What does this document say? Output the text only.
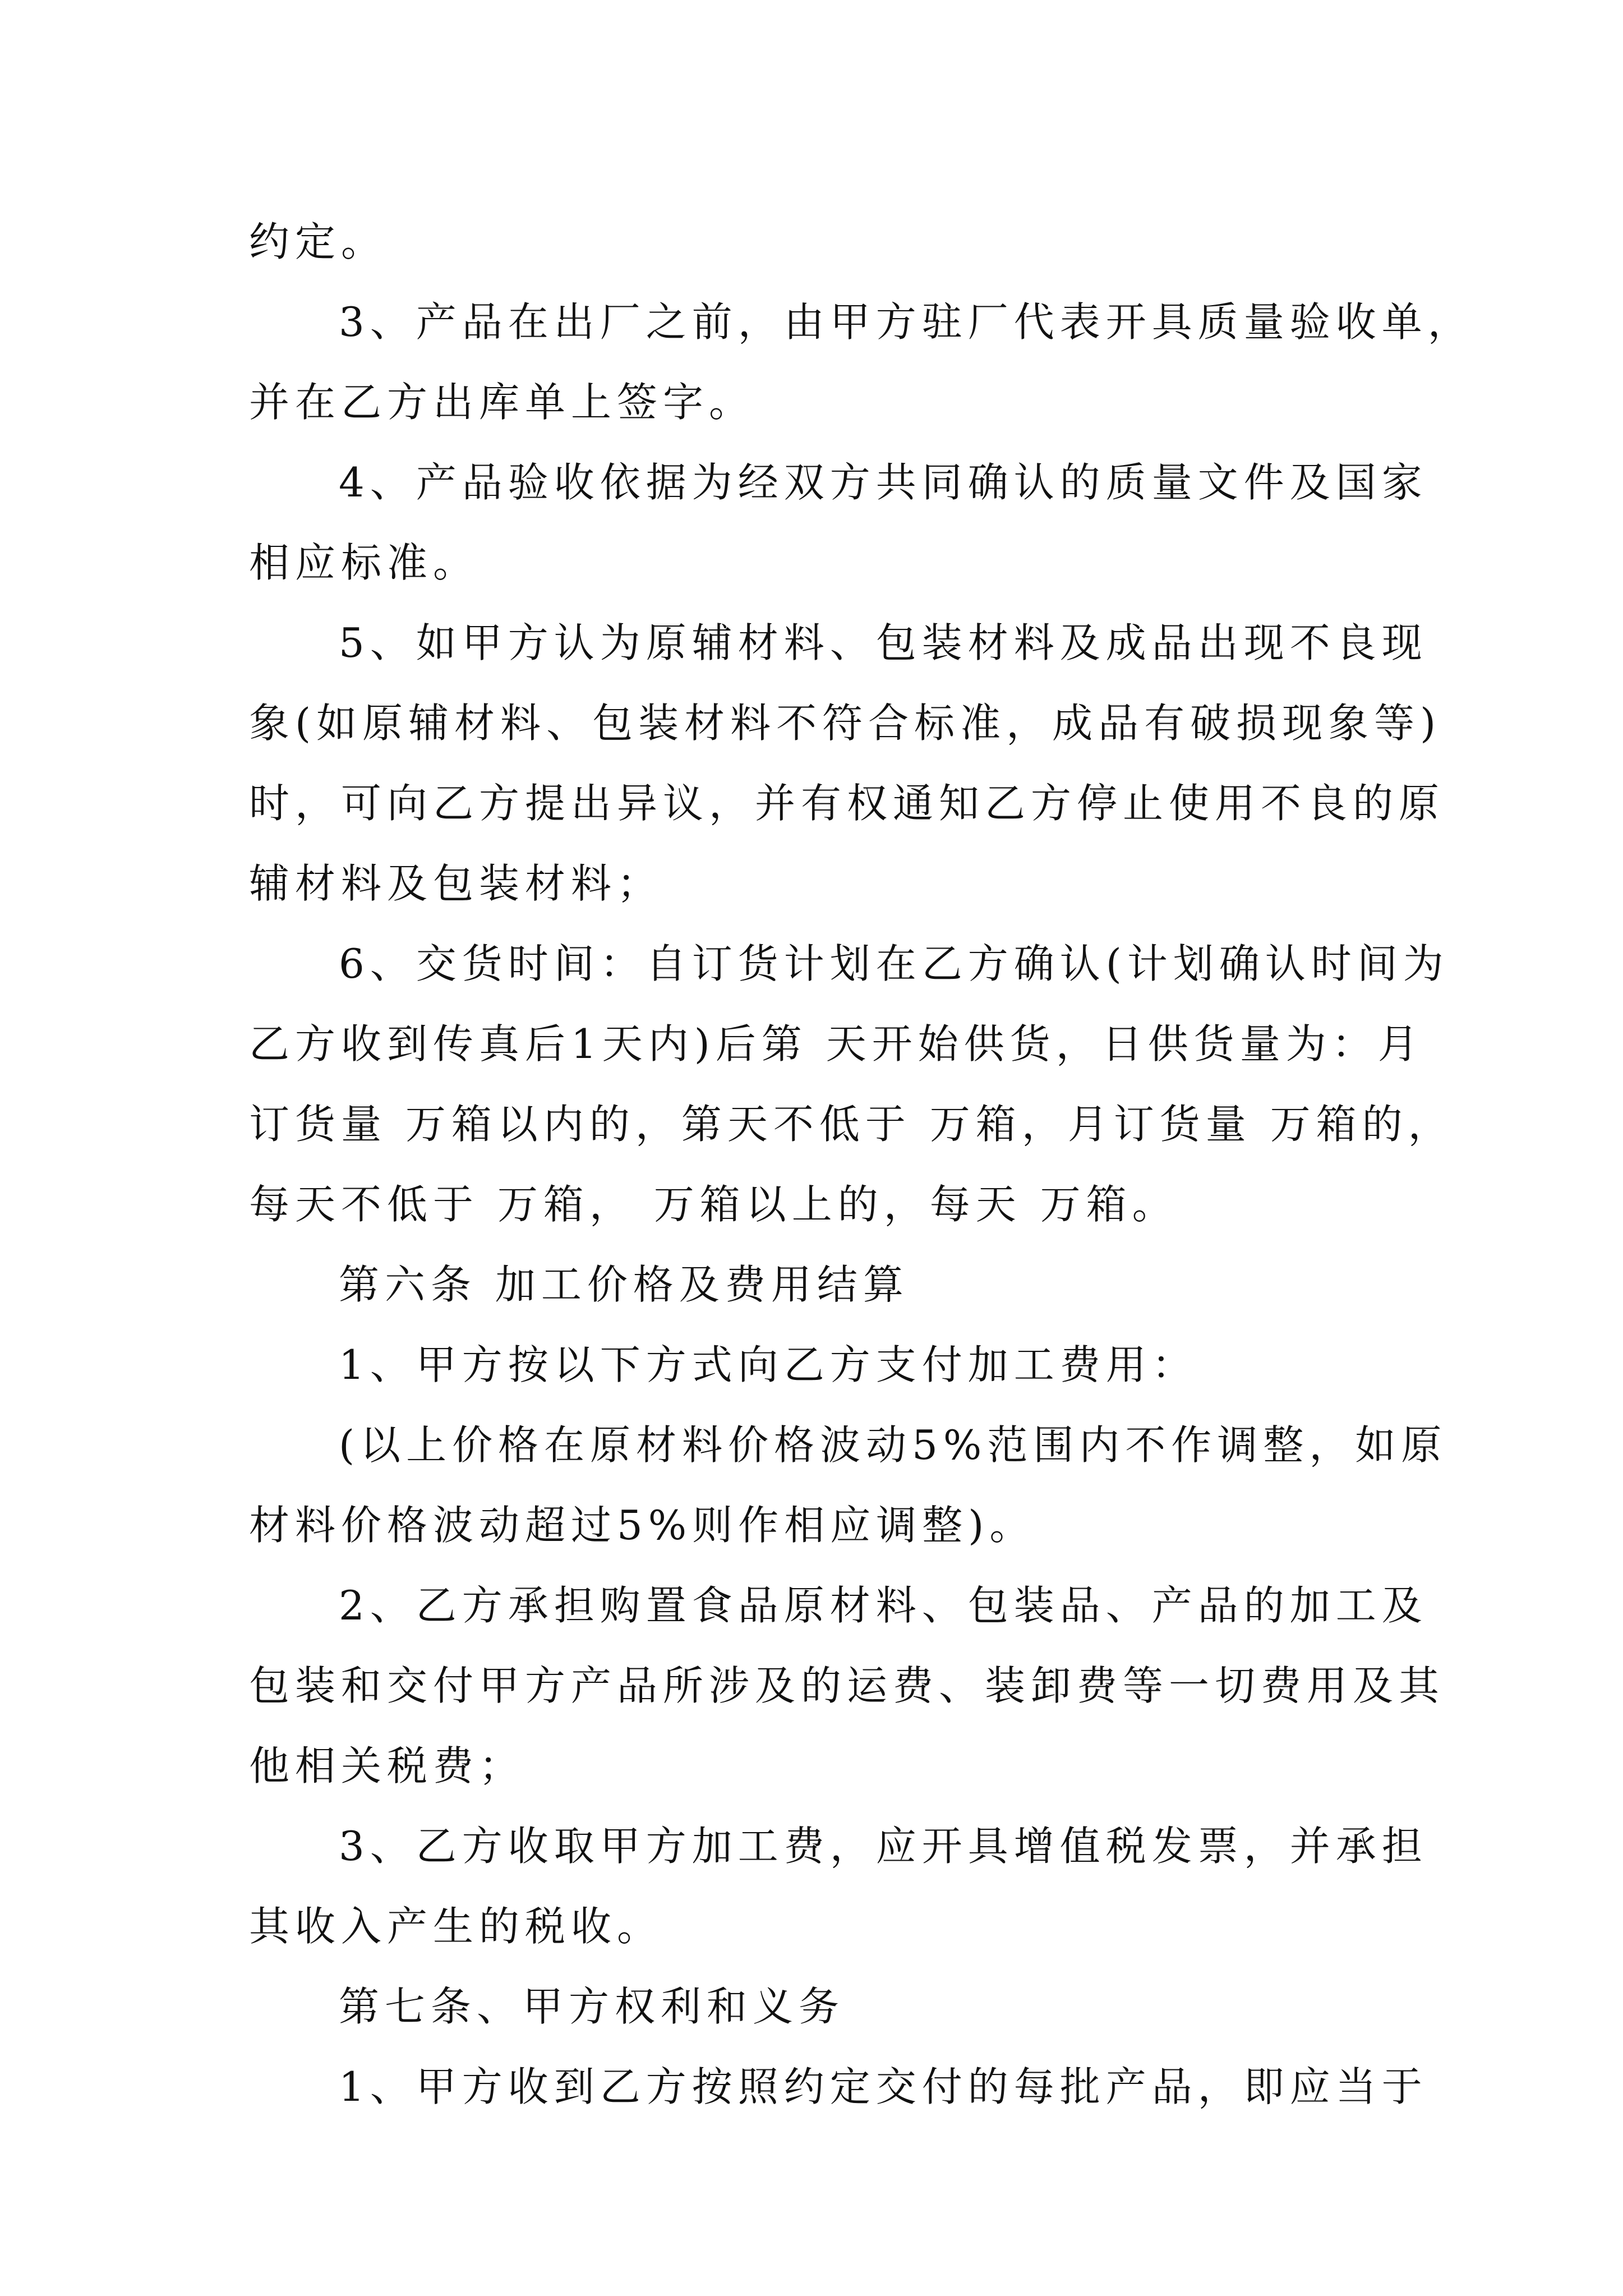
约定。
3、产品在出厂之前，由甲方驻厂代表开具质量验收单，
并在乙方出库单上签字。
4、产品验收依据为经双方共同确认的质量文件及国家
相应标准。
5、如甲方认为原辅材料、包装材料及成品出现不良现
象(如原辅材料、包装材料不符合标准，成品有破损现象等)
时，可向乙方提出异议，并有权通知乙方停止使用不良的原
辅材料及包装材料；
6、交货时间：自订货计划在乙方确认(计划确认时间为
乙方收到传真后1天内)后第 天开始供货，日供货量为：月
订货量 万箱以内的，第天不低于 万箱，月订货量 万箱的，
每天不低于 万箱， 万箱以上的，每天 万箱。
第六条 加工价格及费用结算
1、甲方按以下方式向乙方支付加工费用：
(以上价格在原材料价格波动5%范围内不作调整，如原
材料价格波动超过5%则作相应调整)。
2、乙方承担购置食品原材料、包装品、产品的加工及
包装和交付甲方产品所涉及的运费、装卸费等一切费用及其
他相关税费；
3、乙方收取甲方加工费，应开具增值税发票，并承担
其收入产生的税收。
第七条、甲方权利和义务
1、甲方收到乙方按照约定交付的每批产品，即应当于
